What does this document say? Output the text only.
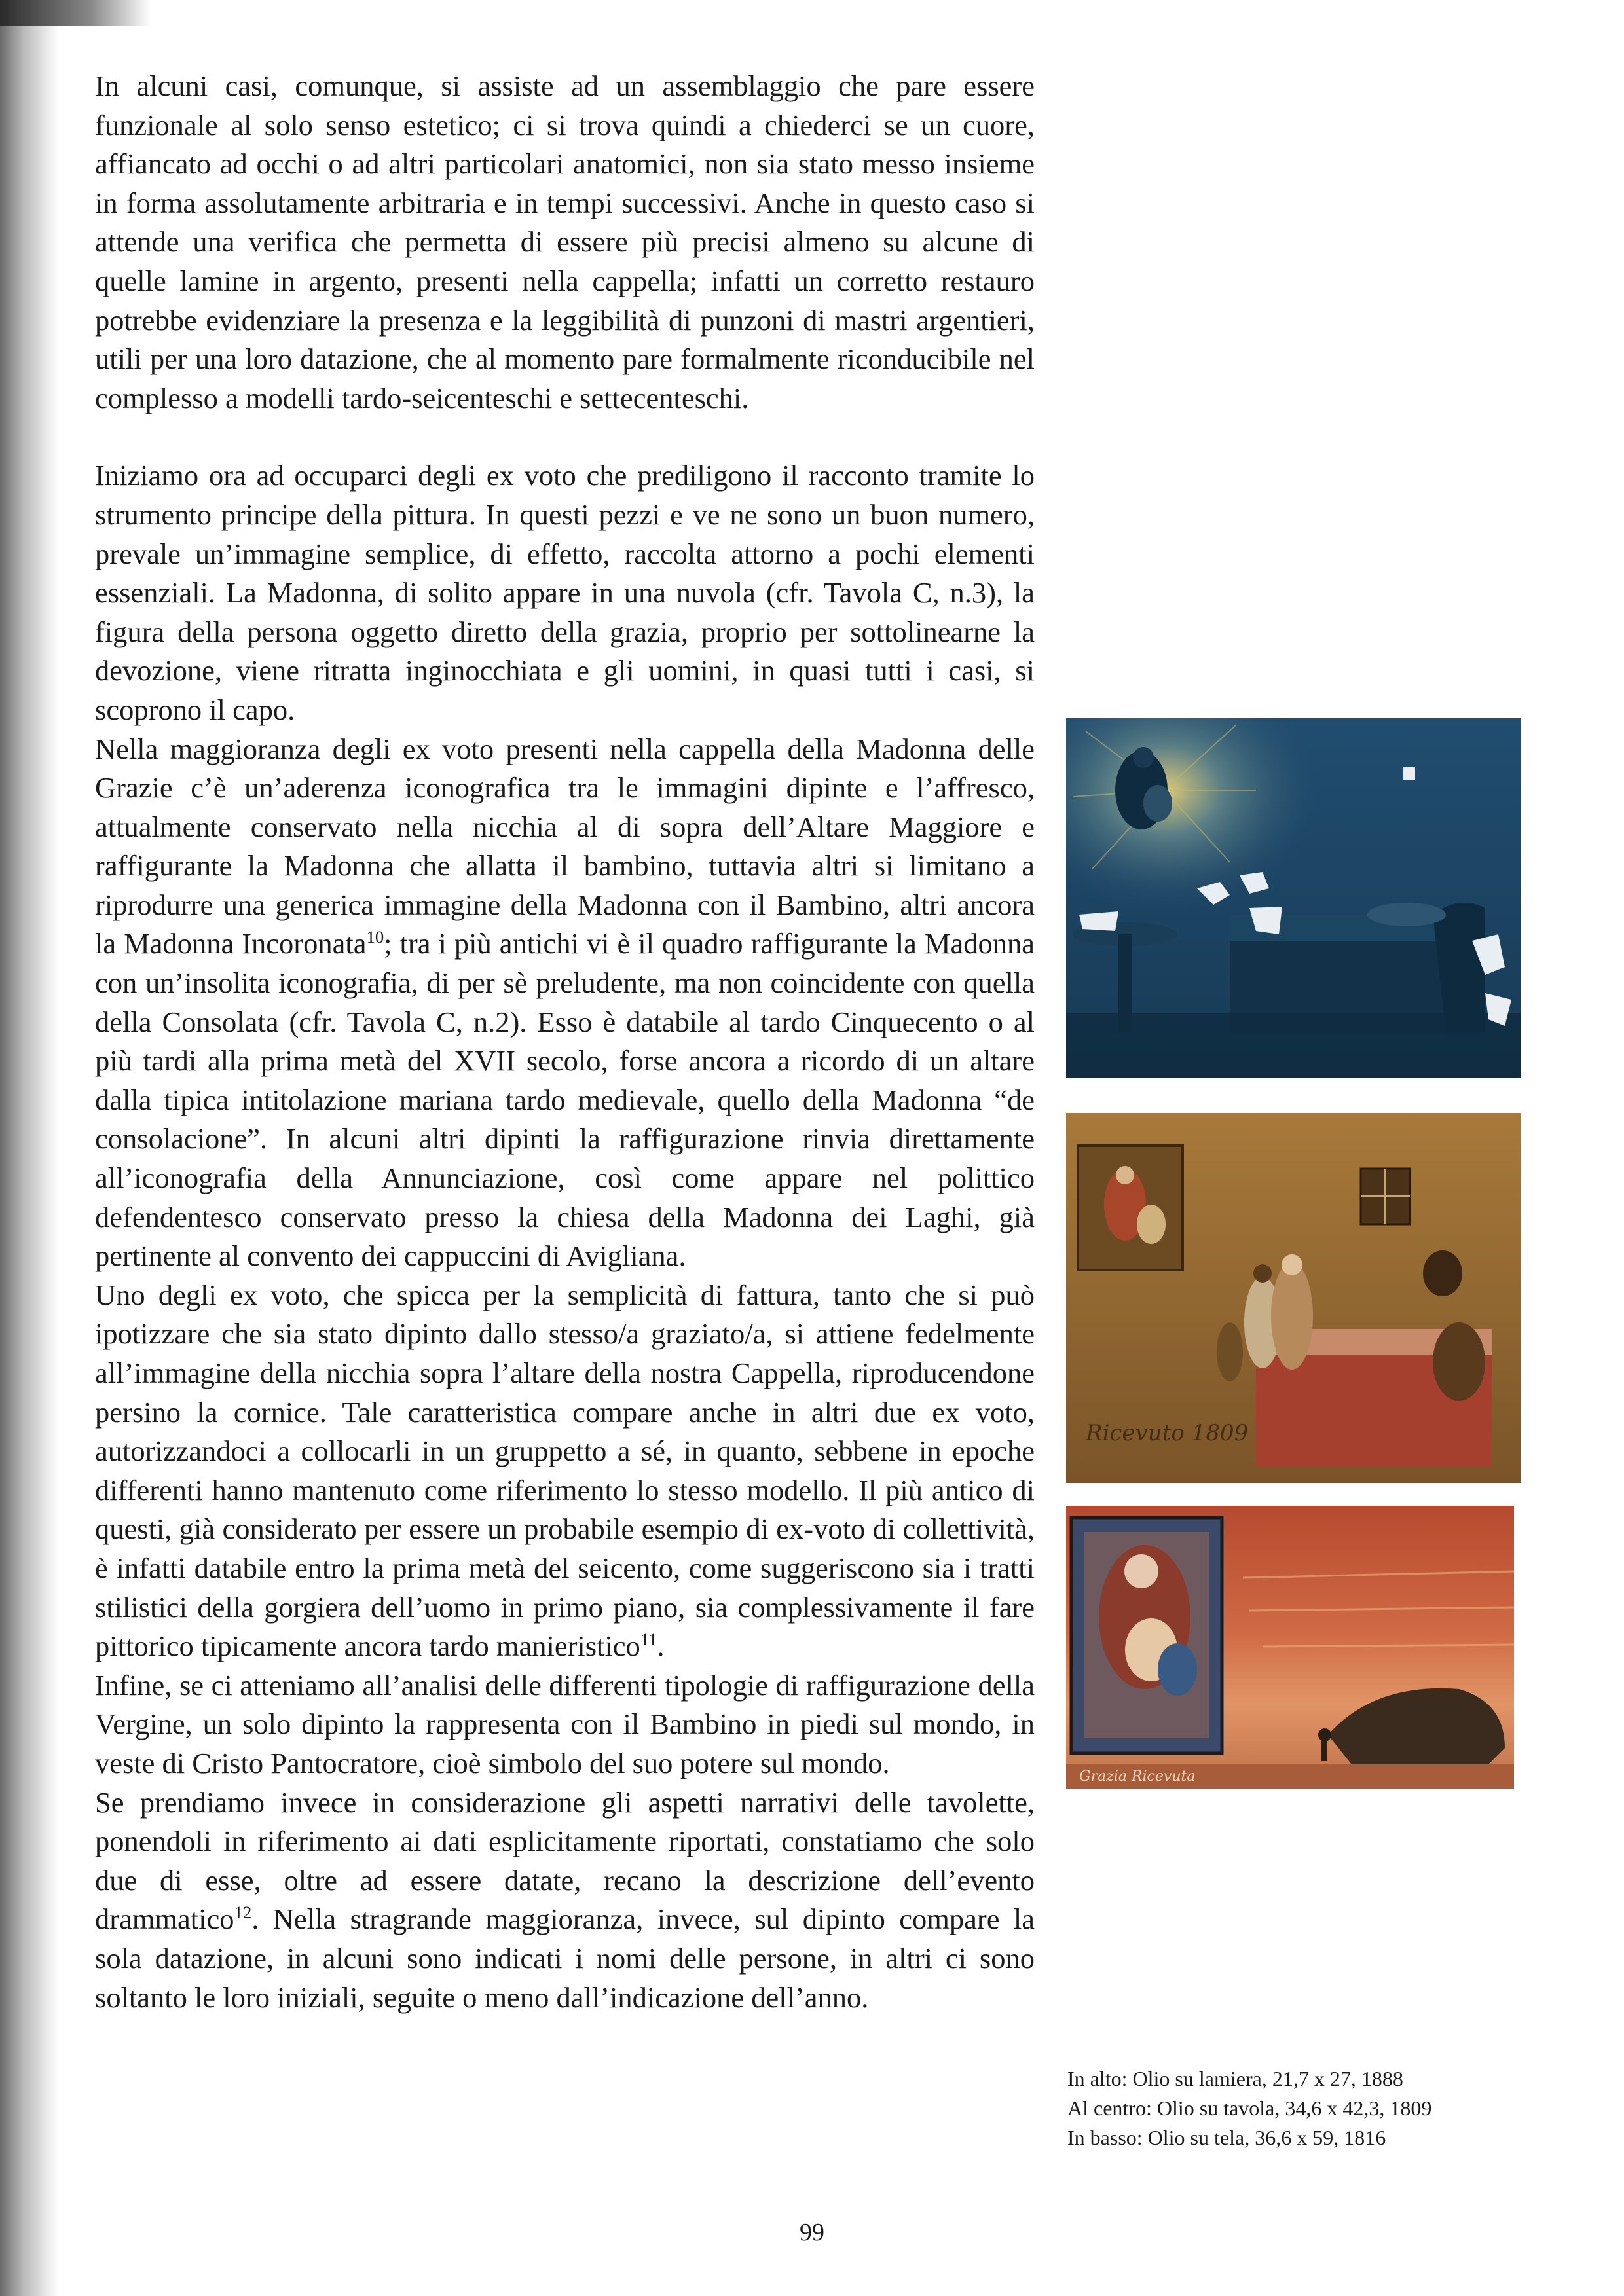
In alcuni casi, comunque, si assiste ad un assemblaggio che pare essere funzionale al solo senso estetico; ci si trova quindi a chiederci se un cuore, affiancato ad occhi o ad altri particolari anatomici, non sia stato messo insieme in forma assolutamente arbitraria e in tempi successivi. Anche in questo caso si attende una verifica che permetta di essere più precisi almeno su alcune di quelle lamine in argento, presenti nella cappella; infatti un corretto restauro potrebbe evidenziare la presenza e la leggibilità di punzoni di mastri argentieri, utili per una loro datazione, che al momento pare formalmente riconducibile nel complesso a modelli tardo-seicenteschi e settecenteschi.

Iniziamo ora ad occuparci degli ex voto che prediligono il racconto tramite lo strumento principe della pittura. In questi pezzi e ve ne sono un buon numero, prevale un’immagine semplice, di effetto, raccolta attorno a pochi elementi essenziali. La Madonna, di solito appare in una nuvola (cfr. Tavola C, n.3), la figura della persona oggetto diretto della grazia, proprio per sottolinearne la devozione, viene ritratta inginocchiata e gli uomini, in quasi tutti i casi, si scoprono il capo.

Nella maggioranza degli ex voto presenti nella cappella della Madonna delle Grazie c’è un’aderenza iconografica tra le immagini dipinte e l’affresco, attualmente conservato nella nicchia al di sopra dell’Altare Maggiore e raffigurante la Madonna che allatta il bambino, tuttavia altri si limitano a riprodurre una generica immagine della Madonna con il Bambino, altri ancora la Madonna Incoronata$^{10}$; tra i più antichi vi è il quadro raffigurante la Madonna con un’insolita iconografia, di per sè preludente, ma non coincidente con quella della Consolata (cfr. Tavola C, n.2). Esso è databile al tardo Cinquecento o al più tardi alla prima metà del XVII secolo, forse ancora a ricordo di un altare dalla tipica intitolazione mariana tardo medievale, quello della Madonna “de consolacione”. In alcuni altri dipinti la raffigurazione rinvia direttamente all’iconografia della Annunciazione, così come appare nel polittico defendentesco conservato presso la chiesa della Madonna dei Laghi, già pertinente al convento dei cappuccini di Avigliana.

Uno degli ex voto, che spicca per la semplicità di fattura, tanto che si può ipotizzare che sia stato dipinto dallo stesso/a graziato/a, si attiene fedelmente all’immagine della nicchia sopra l’altare della nostra Cappella, riproducendone persino la cornice. Tale caratteristica compare anche in altri due ex voto, autorizzandoci a collocarli in un gruppetto a sé, in quanto, sebbene in epoche differenti hanno mantenuto come riferimento lo stesso modello. Il più antico di questi, già considerato per essere un probabile esempio di ex-voto di collettività, è infatti databile entro la prima metà del seicento, come suggeriscono sia i tratti stilistici della gorgiera dell’uomo in primo piano, sia complessivamente il fare pittorico tipicamente ancora tardo manieristico$^{11}$.

Infine, se ci atteniamo all’analisi delle differenti tipologie di raffigurazione della Vergine, un solo dipinto la rappresenta con il Bambino in piedi sul mondo, in veste di Cristo Pantocratore, cioè simbolo del suo potere sul mondo.

Se prendiamo invece in considerazione gli aspetti narrativi delle tavolette, ponendoli in riferimento ai dati esplicitamente riportati, constatiamo che solo due di esse, oltre ad essere datate, recano la descrizione dell’evento drammatico$^{12}$. Nella stragrande maggioranza, invece, sul dipinto compare la sola datazione, in alcuni sono indicati i nomi delle persone, in altri ci sono soltanto le loro iniziali, seguite o meno dall’indicazione dell’anno.

Ricevuto 1809
Grazia Ricevuta
In alto: Olio su lamiera, 21,7 x 27, 1888
Al centro: Olio su tavola, 34,6 x 42,3, 1809
In basso: Olio su tela, 36,6 x 59, 1816
99
